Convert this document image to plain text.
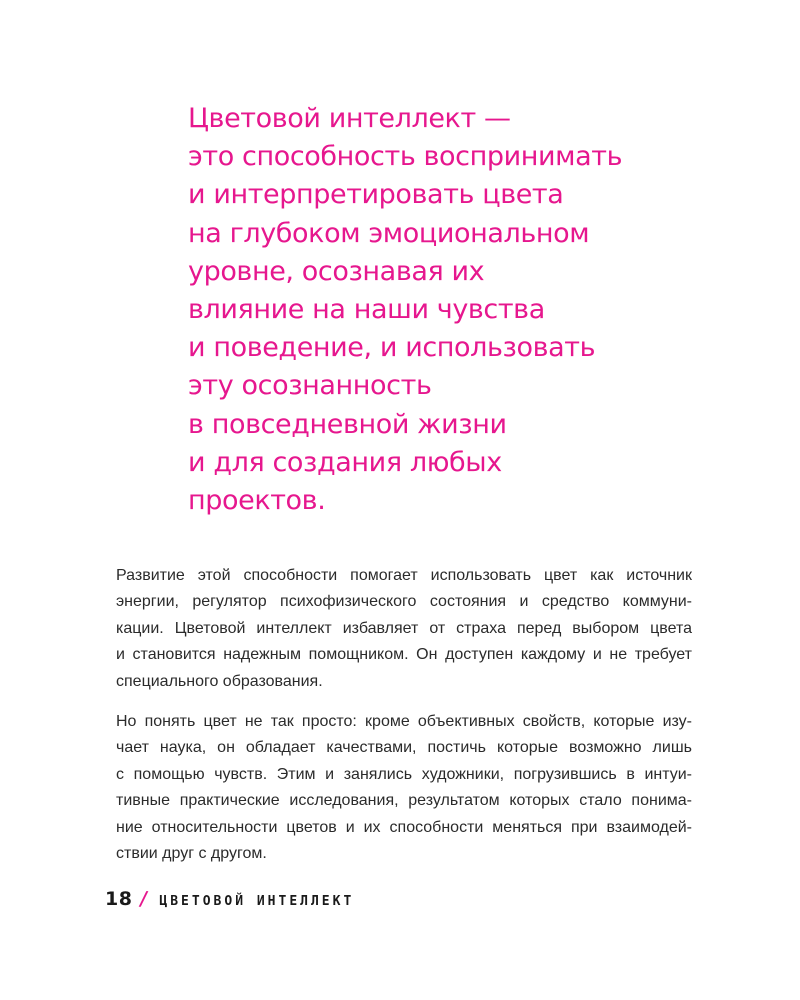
Цветовой интеллект —
это способность воспринимать
и интерпретировать цвета
на глубоком эмоциональном
уровне, осознавая их
влияние на наши чувства
и поведение, и использовать
эту осознанность
в повседневной жизни
и для создания любых
проектов.
Развитие этой способности помогает использовать цвет как источник
энергии, регулятор психофизического состояния и средство коммуни-
кации. Цветовой интеллект избавляет от страха перед выбором цвета
и становится надежным помощником. Он доступен каждому и не требует
специального образования.
Но понять цвет не так просто: кроме объективных свойств, которые изу-
чает наука, он обладает качествами, постичь которые возможно лишь
с помощью чувств. Этим и занялись художники, погрузившись в интуи-
тивные практические исследования, результатом которых стало понима-
ние относительности цветов и их способности меняться при взаимодей-
ствии друг с другом.
18 / ЦВЕТОВОЙ ИНТЕЛЛЕКТ
